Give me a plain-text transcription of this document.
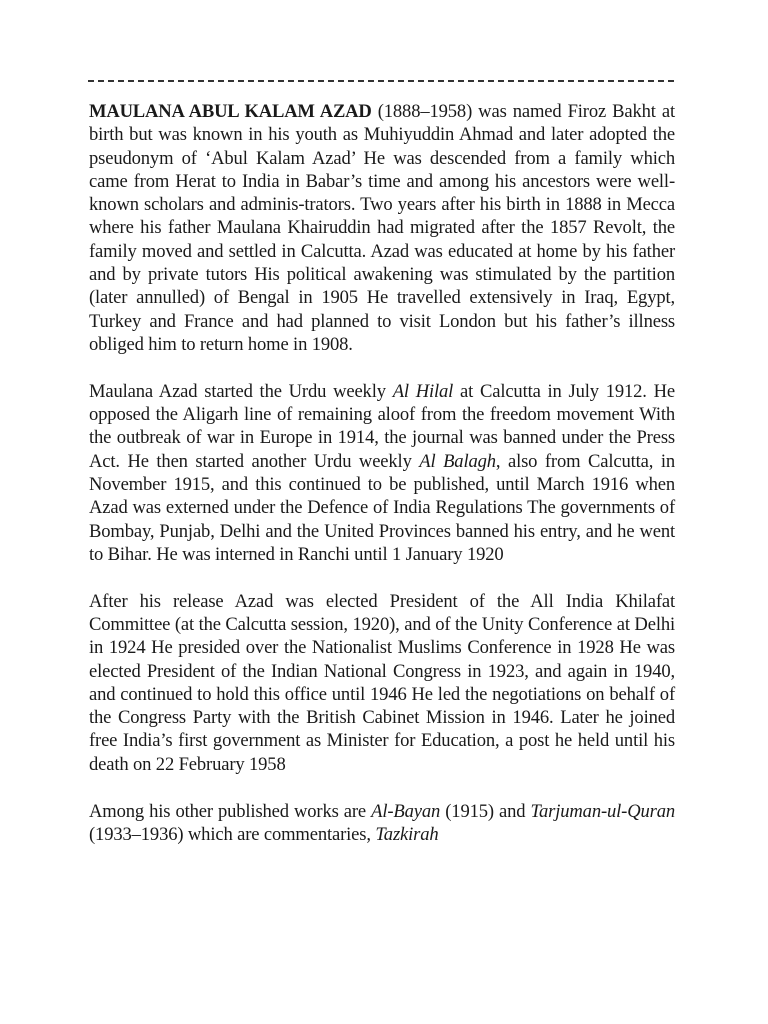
MAULANA ABUL KALAM AZAD (1888–1958) was named Firoz Bakht at birth but was known in his youth as Muhiyuddin Ahmad and later adopted the pseudonym of ‘Abul Kalam Azad’ He was descended from a family which came from Herat to India in Babar’s time and among his ancestors were well-known scholars and adminis-trators. Two years after his birth in 1888 in Mecca where his father Maulana Khairuddin had migrated after the 1857 Revolt, the family moved and settled in Calcutta. Azad was educated at home by his father and by private tutors His political awakening was stimulated by the partition (later annulled) of Bengal in 1905 He travelled extensively in Iraq, Egypt, Turkey and France and had planned to visit London but his father’s illness obliged him to return home in 1908.

Maulana Azad started the Urdu weekly Al Hilal at Calcutta in July 1912. He opposed the Aligarh line of remaining aloof from the freedom movement With the outbreak of war in Europe in 1914, the journal was banned under the Press Act. He then started another Urdu weekly Al Balagh, also from Calcutta, in November 1915, and this continued to be published, until March 1916 when Azad was externed under the Defence of India Regulations The governments of Bombay, Punjab, Delhi and the United Provinces banned his entry, and he went to Bihar. He was interned in Ranchi until 1 January 1920

After his release Azad was elected President of the All India Khilafat Committee (at the Calcutta session, 1920), and of the Unity Conference at Delhi in 1924 He presided over the Nationalist Muslims Conference in 1928 He was elected President of the Indian National Congress in 1923, and again in 1940, and continued to hold this office until 1946 He led the negotiations on behalf of the Congress Party with the British Cabinet Mission in 1946. Later he joined free India’s first government as Minister for Education, a post he held until his death on 22 February 1958

Among his other published works are Al-Bayan (1915) and Tarjuman-ul-Quran (1933–1936) which are commentaries, Tazkirah
